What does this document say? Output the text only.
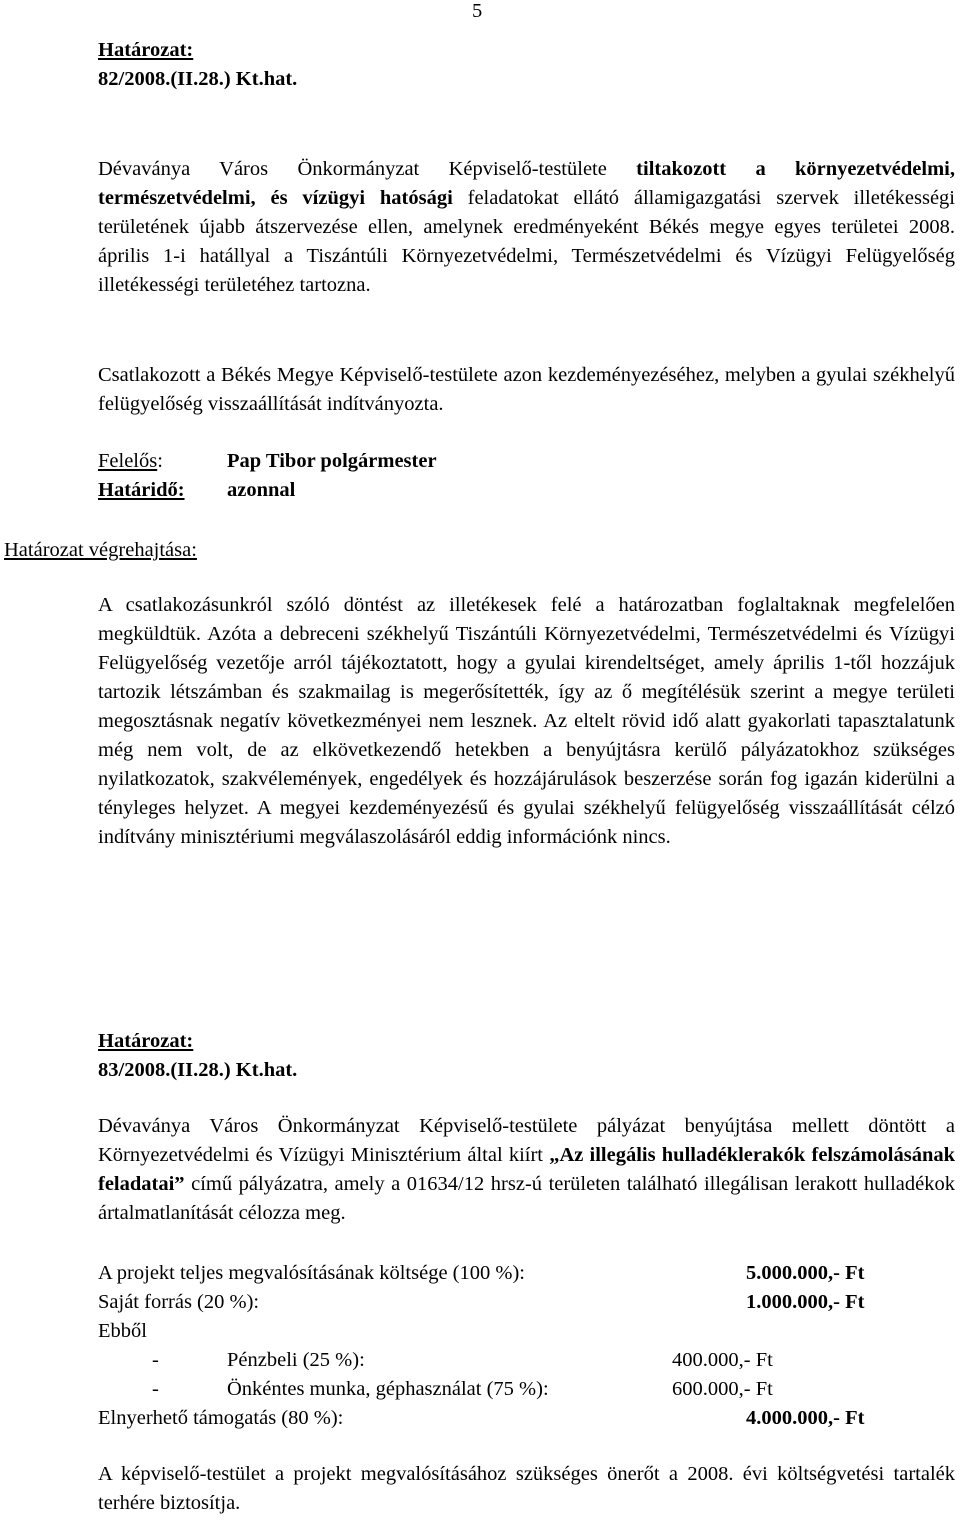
5
Határozat:
82/2008.(II.28.) Kt.hat.
Dévaványa Város Önkormányzat Képviselő-testülete tiltakozott a környezetvédelmi, természetvédelmi, és vízügyi hatósági feladatokat ellátó államigazgatási szervek illetékességi területének újabb átszervezése ellen, amelynek eredményeként Békés megye egyes területei 2008. április 1-i hatállyal a Tiszántúli Környezetvédelmi, Természetvédelmi és Vízügyi Felügyelőség illetékességi területéhez tartozna.
Csatlakozott a Békés Megye Képviselő-testülete azon kezdeményezéséhez, melyben a gyulai székhelyű felügyelőség visszaállítását indítványozta.
Felelős:	Pap Tibor polgármester
Határidő: azonnal
Határozat végrehajtása:
A csatlakozásunkról szóló döntést az illetékesek felé a határozatban foglaltaknak megfelelően megküldtük. Azóta a debreceni székhelyű Tiszántúli Környezetvédelmi, Természetvédelmi és Vízügyi Felügyelőség vezetője arról tájékoztatott, hogy a gyulai kirendeltséget, amely április 1-től hozzájuk tartozik létszámban és szakmailag is megerősítették, így az ő megítélésük szerint a megye területi megosztásnak negatív következményei nem lesznek. Az eltelt rövid idő alatt gyakorlati tapasztalatunk még nem volt, de az elkövetkezendő hetekben a benyújtásra kerülő pályázatokhoz szükséges nyilatkozatok, szakvélemények, engedélyek és hozzájárulások beszerzése során fog igazán kiderülni a tényleges helyzet. A megyei kezdeményezésű és gyulai székhelyű felügyelőség visszaállítását célzó indítvány minisztériumi megválaszolásáról eddig információnk nincs.
Határozat:
83/2008.(II.28.) Kt.hat.
Dévaványa Város Önkormányzat Képviselő-testülete pályázat benyújtása mellett döntött a Környezetvédelmi és Vízügyi Minisztérium által kiírt „Az illegális hulladéklerakók felszámolásának feladatai” című pályázatra, amely a 01634/12 hrsz-ú területen található illegálisan lerakott hulladékok ártalmatlanítását célozza meg.
A projekt teljes megvalósításának költsége (100 %):	5.000.000,- Ft
Saját forrás (20 %):	1.000.000,- Ft
Ebből
-	Pénzbeli (25 %):	400.000,- Ft
-	Önkéntes munka, géphasználat (75 %):	600.000,- Ft
Elnyerhető támogatás (80 %):	4.000.000,- Ft
A képviselő-testület a projekt megvalósításához szükséges önerőt a 2008. évi költségvetési tartalék terhére biztosítja.
